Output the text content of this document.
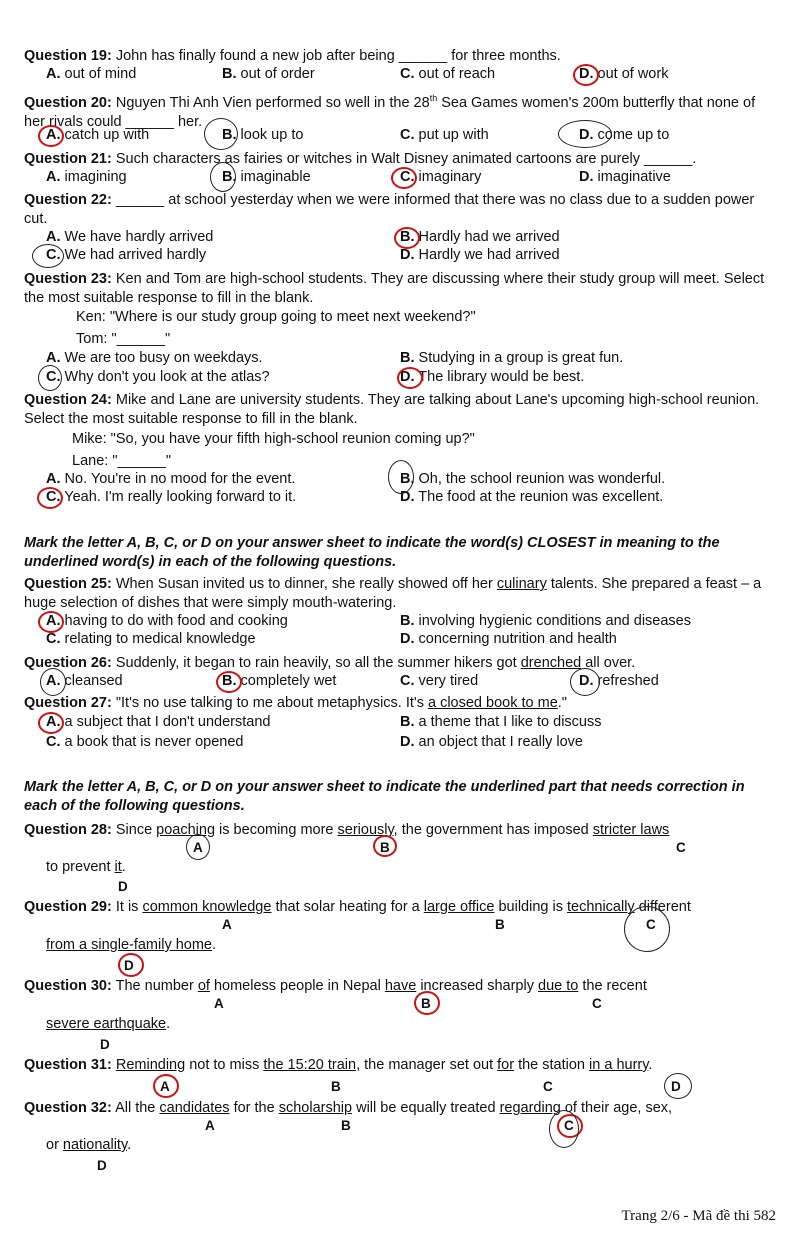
Question 19: John has finally found a new job after being ______ for three months.
A. out of mind	B. out of order	C. out of reach	D. out of work
Question 20: Nguyen Thi Anh Vien performed so well in the 28th Sea Games women's 200m butterfly that none of her rivals could ______ her.
A. catch up with	B. look up to	C. put up with	D. come up to
Question 21: Such characters as fairies or witches in Walt Disney animated cartoons are purely ______.
A. imagining	B. imaginable	C. imaginary	D. imaginative
Question 22: ______ at school yesterday when we were informed that there was no class due to a sudden power cut.
A. We have hardly arrived	B. Hardly had we arrived
C. We had arrived hardly	D. Hardly we had arrived
Question 23: Ken and Tom are high-school students. They are discussing where their study group will meet. Select the most suitable response to fill in the blank.
Ken: "Where is our study group going to meet next weekend?"
Tom: "______"
A. We are too busy on weekdays.	B. Studying in a group is great fun.
C. Why don't you look at the atlas?	D. The library would be best.
Question 24: Mike and Lane are university students. They are talking about Lane's upcoming high-school reunion. Select the most suitable response to fill in the blank.
Mike: "So, you have your fifth high-school reunion coming up?"
Lane: "______"
A. No. You're in no mood for the event.	B. Oh, the school reunion was wonderful.
C. Yeah. I'm really looking forward to it.	D. The food at the reunion was excellent.
Mark the letter A, B, C, or D on your answer sheet to indicate the word(s) CLOSEST in meaning to the underlined word(s) in each of the following questions.
Question 25: When Susan invited us to dinner, she really showed off her culinary talents. She prepared a feast – a huge selection of dishes that were simply mouth-watering.
A. having to do with food and cooking	B. involving hygienic conditions and diseases
C. relating to medical knowledge	D. concerning nutrition and health
Question 26: Suddenly, it began to rain heavily, so all the summer hikers got drenched all over.
A. cleansed	B. completely wet	C. very tired	D. refreshed
Question 27: "It's no use talking to me about metaphysics. It's a closed book to me."
A. a subject that I don't understand	B. a theme that I like to discuss
C. a book that is never opened	D. an object that I really love
Mark the letter A, B, C, or D on your answer sheet to indicate the underlined part that needs correction in each of the following questions.
Question 28: Since poaching is becoming more seriously, the government has imposed stricter laws
A	B	C
to prevent it.
D
Question 29: It is common knowledge that solar heating for a large office building is technically different
A	B	C
from a single-family home.
D
Question 30: The number of homeless people in Nepal have increased sharply due to the recent
A	B	C
severe earthquake.
D
Question 31: Reminding not to miss the 15:20 train, the manager set out for the station in a hurry.
A	B	C	D
Question 32: All the candidates for the scholarship will be equally treated regarding of their age, sex,
A	B	C
or nationality.
D
Trang 2/6 - Mã đề thi 582
